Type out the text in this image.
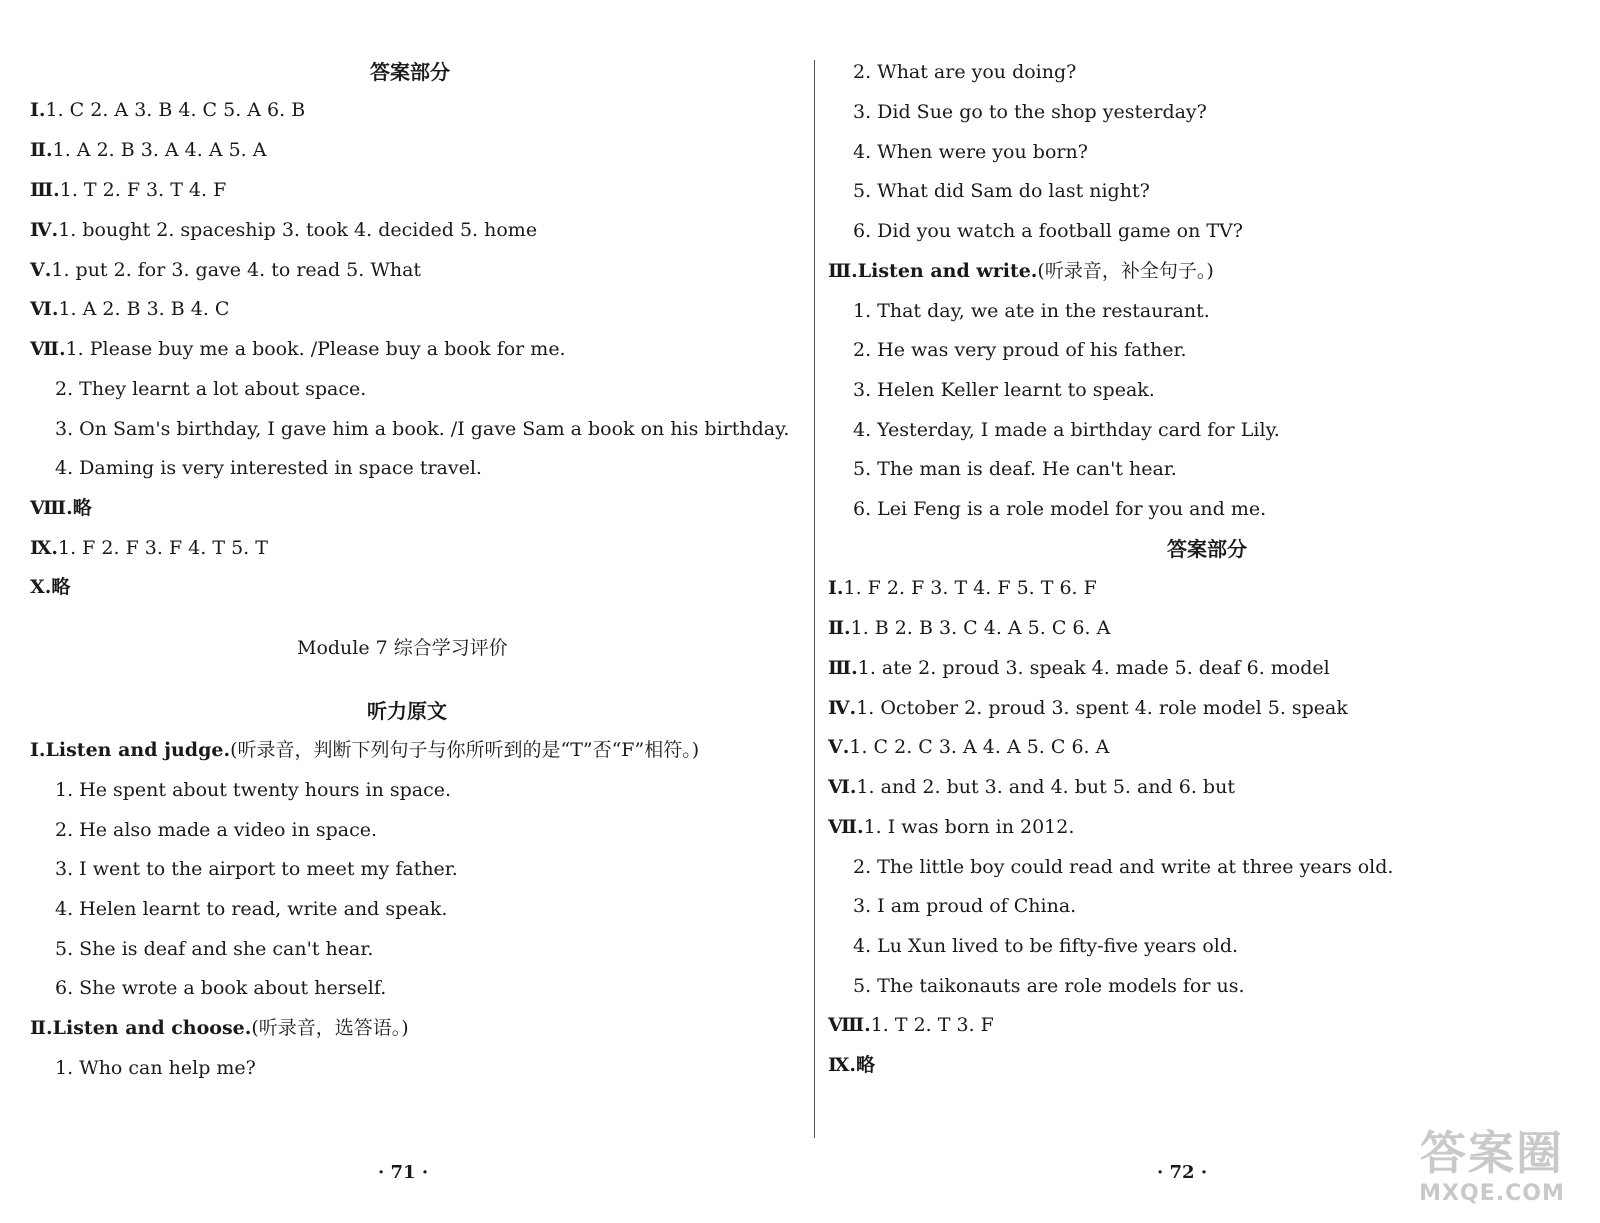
答案部分
Ⅰ.1. C 2. A 3. B 4. C 5. A 6. B
Ⅱ.1. A 2. B 3. A 4. A 5. A
Ⅲ.1. T 2. F 3. T 4. F
Ⅳ.1. bought 2. spaceship 3. took 4. decided 5. home
Ⅴ.1. put 2. for 3. gave 4. to read 5. What
Ⅵ.1. A 2. B 3. B 4. C
Ⅶ.1. Please buy me a book. /Please buy a book for me.
2. They learnt a lot about space.
3. On Sam's birthday, I gave him a book. /I gave Sam a book on his birthday.
4. Daming is very interested in space travel.
Ⅷ.略
Ⅸ.1. F 2. F 3. F 4. T 5. T
Ⅹ.略
Module 7 综合学习评价
听力原文
Ⅰ.Listen and judge.(听录音，判断下列句子与你所听到的是“T”否“F”相符。)
1. He spent about twenty hours in space.
2. He also made a video in space.
3. I went to the airport to meet my father.
4. Helen learnt to read, write and speak.
5. She is deaf and she can't hear.
6. She wrote a book about herself.
Ⅱ.Listen and choose.(听录音，选答语。)
1. Who can help me?
· 71 ·
2. What are you doing?
3. Did Sue go to the shop yesterday?
4. When were you born?
5. What did Sam do last night?
6. Did you watch a football game on TV?
Ⅲ.Listen and write.(听录音，补全句子。)
1. That day, we ate in the restaurant.
2. He was very proud of his father.
3. Helen Keller learnt to speak.
4. Yesterday, I made a birthday card for Lily.
5. The man is deaf. He can't hear.
6. Lei Feng is a role model for you and me.
答案部分
Ⅰ.1. F 2. F 3. T 4. F 5. T 6. F
Ⅱ.1. B 2. B 3. C 4. A 5. C 6. A
Ⅲ.1. ate 2. proud 3. speak 4. made 5. deaf 6. model
Ⅳ.1. October 2. proud 3. spent 4. role model 5. speak
Ⅴ.1. C 2. C 3. A 4. A 5. C 6. A
Ⅵ.1. and 2. but 3. and 4. but 5. and 6. but
Ⅶ.1. I was born in 2012.
2. The little boy could read and write at three years old.
3. I am proud of China.
4. Lu Xun lived to be fifty-five years old.
5. The taikonauts are role models for us.
Ⅷ.1. T 2. T 3. F
Ⅸ.略
· 72 ·	答案圈
MXQE.COM
